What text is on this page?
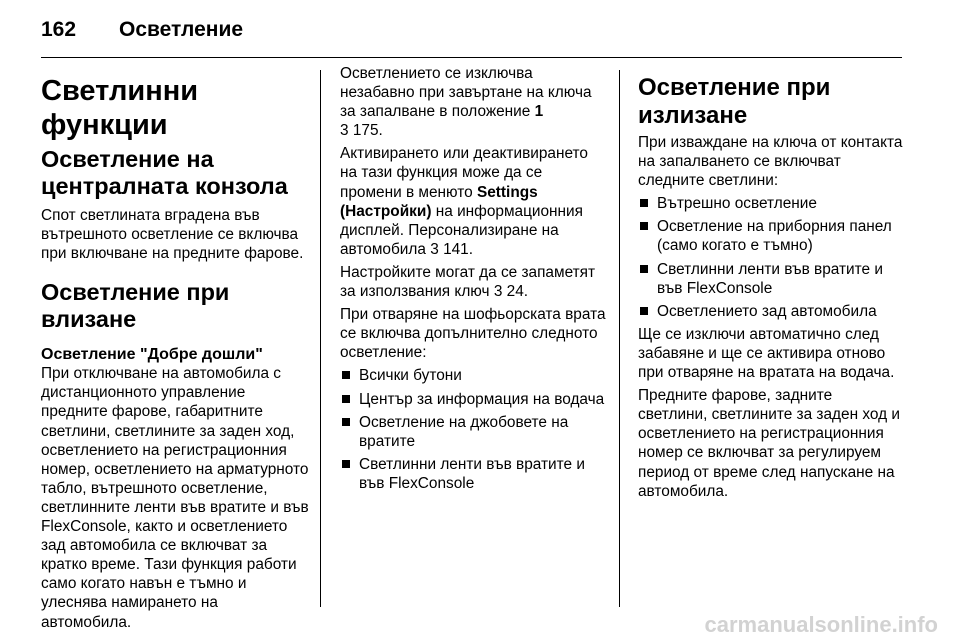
162 Осветление
Светлинни функции
Осветление на централната конзола

Спот светлината вградена във вътрешното осветление се включва при включване на предните фарове.

Осветление при влизане
Осветление "Добре дошли"

При отключване на автомобила с дистанционното управление предните фарове, габаритните светлини, светлините за заден ход, осветлението на регистрационния номер, осветлението на арматурното табло, вътрешното осветление, светлинните ленти във вратите и във FlexConsole, както и осветлението зад автомобила се включват за кратко време. Тази функция работи само когато навън е тъмно и улеснява намирането на автомобила.

Осветлението се изключва незабавно при завъртане на ключа за запалване в положение 1
3 175.

Активирането или деактивирането на тази функция може да се промени в менюто Settings (Настройки) на информационния дисплей. Персонализиране на автомобила 3 141.

Настройките могат да се запаметят за използвания ключ 3 24.

При отваряне на шофьорската врата се включва допълнително следното осветление:

Всички бутони
Център за информация на водача
Осветление на джобовете на вратите
Светлинни ленти във вратите и във FlexConsole
Осветление при излизане

При изваждане на ключа от контакта на запалването се включват следните светлини:

Вътрешно осветление
Осветление на приборния панел (само когато е тъмно)
Светлинни ленти във вратите и във FlexConsole
Осветлението зад автомобила

Ще се изключи автоматично след забавяне и ще се активира отново при отваряне на вратата на водача.

Предните фарове, задните светлини, светлините за заден ход и осветлението на регистрационния номер се включват за регулируем период от време след напускане на автомобила.

carmanualsonline.info
